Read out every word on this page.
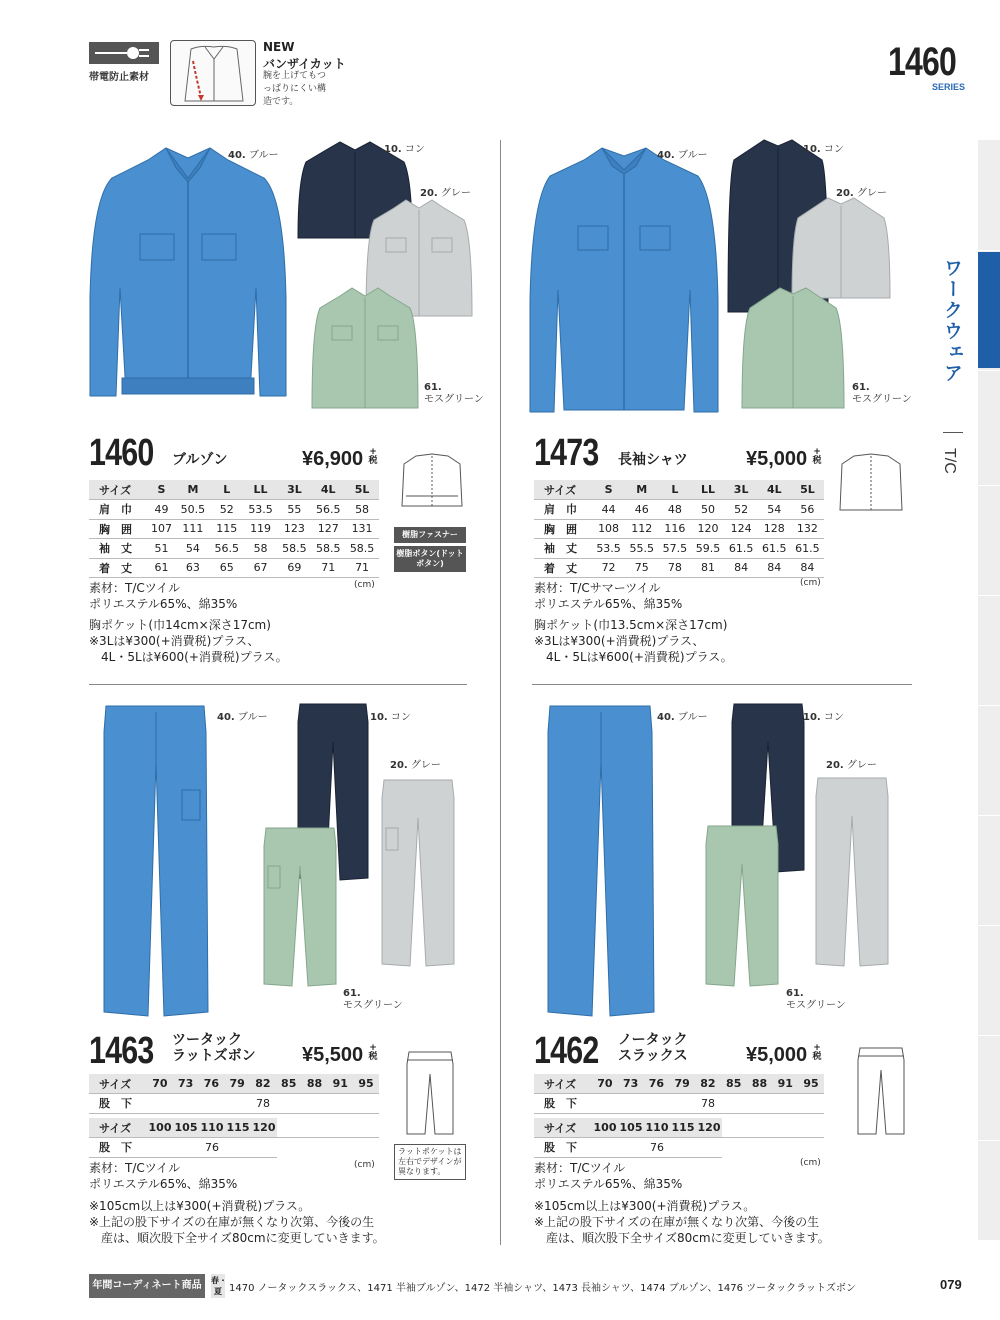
帯電防止素材
NEW
バンザイカット
腕を上げてもつっぱりにくい構造です。
1460
SERIES
ワークウェア
T/C
40. ブルー
10. コン
20. グレー
61.
モスグリーン
1460 ブルゾン	¥6,900 +
税
サイズ	S	M	L	LL	3L	4L	5L
肩　巾	49	50.5	52	53.5	55	56.5	58
胸　囲	107	111	115	119	123	127	131
袖　丈	51	54	56.5	58	58.5	58.5	58.5
着　丈	61	63	65	67	69	71	71
(cm)
樹脂ファスナー
樹脂ボタン(ドットボタン)
素材：T/Cツイル
ポリエステル65%、綿35%
胸ポケット(巾14cm×深さ17cm)
※3Lは¥300(+消費税)プラス、
4L・5Lは¥600(+消費税)プラス。
40. ブルー
10. コン
20. グレー
61.
モスグリーン
1473 長袖シャツ	¥5,000 +
税
サイズ	S	M	L	LL	3L	4L	5L
肩　巾	44	46	48	50	52	54	56
胸　囲	108	112	116	120	124	128	132
袖　丈	53.5	55.5	57.5	59.5	61.5	61.5	61.5
着　丈	72	75	78	81	84	84	84
(cm)
素材：T/Cサマーツイル
ポリエステル65%、綿35%
胸ポケット(巾13.5cm×深さ17cm)
※3Lは¥300(+消費税)プラス、
4L・5Lは¥600(+消費税)プラス。
40. ブルー	10. コン
20. グレー
61.
モスグリーン
1463 ツータック
ラットズボン ¥5,500 +
税
サイズ	70	73	76	79	82	85	88	91	95
股　下	78								
サイズ	100	105	110	115	120	
股　下	76					
(cm)
ラットポケットは左右でデザインが異なります。
素材：T/Cツイル
ポリエステル65%、綿35%
※105cm以上は¥300(+消費税)プラス。
※上記の股下サイズの在庫が無くなり次第、今後の生
産は、順次股下全サイズ80cmに変更していきます。
40. ブルー	10. コン
20. グレー
61.
モスグリーン
1462 ノータック
スラックス	¥5,000 +
税
サイズ	70	73	76	79	82	85	88	91	95
股　下	78								
サイズ	100	105	110	115	120	
股　下	76					
(cm)
素材：T/Cツイル
ポリエステル65%、綿35%
※105cm以上は¥300(+消費税)プラス。
※上記の股下サイズの在庫が無くなり次第、今後の生
産は、順次股下全サイズ80cmに変更していきます。
年間コーディネート商品	春・夏 1470 ノータックスラックス、1471 半袖ブルゾン、1472 半袖シャツ、1473 長袖シャツ、1474 ブルゾン、1476 ツータックラットズボン	079
